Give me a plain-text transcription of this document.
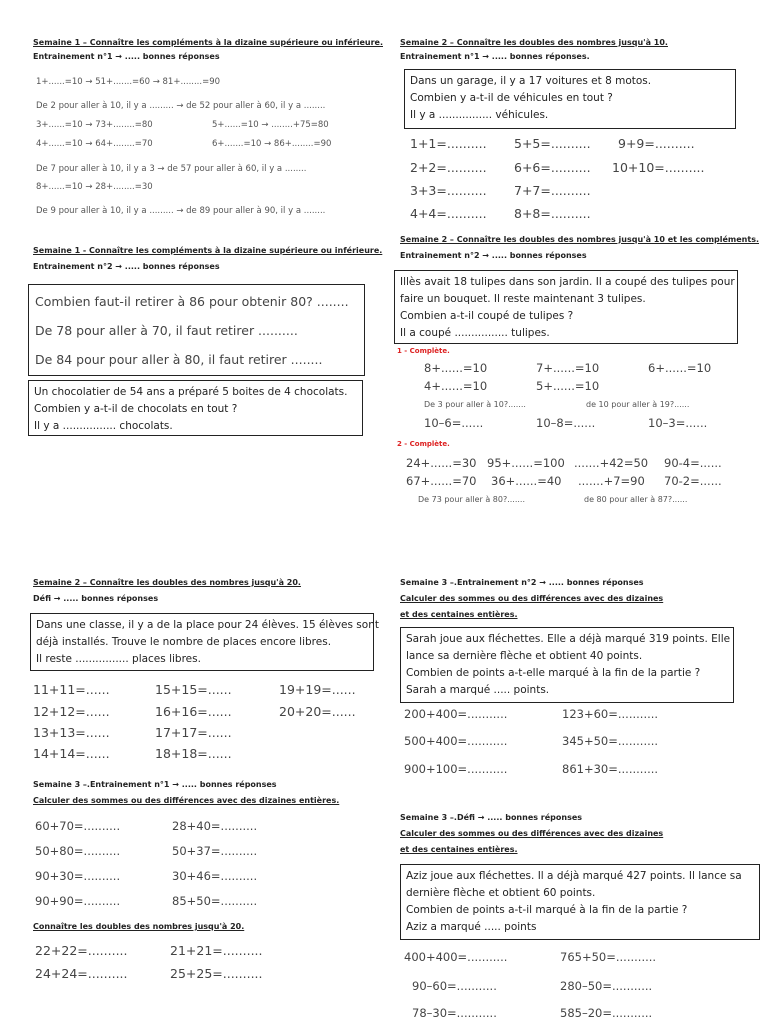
Semaine 1 – Connaître les compléments à la dizaine supérieure ou inférieure.
Entrainement n°1 → ..... bonnes réponses
1+......=10 → 51+.......=60 → 81+........=90
De 2 pour aller à 10, il y a ......... → de 52 pour aller à 60, il y a ........
3+......=10 → 73+........=80	5+......=10 → ........+75=80
4+......=10 → 64+........=70	6+.......=10 → 86+........=90
De 7 pour aller à 10, il y a 3 → de 57 pour aller à 60, il y a ........
8+......=10 → 28+........=30
De 9 pour aller à 10, il y a ......... → de 89 pour aller à 90, il y a ........
Semaine 1 - Connaître les compléments à la dizaine supérieure ou inférieure.
Entrainement n°2 → ..... bonnes réponses
Combien faut-il retirer à 86 pour obtenir 80? ........
De 78 pour aller à 70, il faut retirer ..........
De 84 pour pour aller à 80, il faut retirer ........
Un chocolatier de 54 ans a préparé 5 boites de 4 chocolats.
Combien y a-t-il de chocolats en tout ?
Il y a ................ chocolats.
Semaine 2 – Connaître les doubles des nombres jusqu'à 10.
Entrainement n°1 → ..... bonnes réponses.
Dans un garage, il y a 17 voitures et 8 motos.
Combien y a-t-il de véhicules en tout ?
Il y a ................ véhicules.
1+1=.......... 5+5=.......... 9+9=..........
2+2=.......... 6+6=.......... 10+10=..........
3+3=.......... 7+7=..........
4+4=.......... 8+8=..........
Semaine 2 – Connaître les doubles des nombres jusqu'à 10 et les compléments.
Entrainement n°2 → ..... bonnes réponses
Illès avait 18 tulipes dans son jardin. Il a coupé des tulipes pour
faire un bouquet. Il reste maintenant 3 tulipes.
Combien a-t-il coupé de tulipes ?
Il a coupé ................ tulipes.
1 - Complète.
8+......=10	7+......=10	6+......=10
4+......=10	5+......=10
De 3 pour aller à 10?.......	de 10 pour aller à 19?......
10–6=......	10–8=......	10–3=......
2 - Complète.
24+......=30 95+......=100 .......+42=50 90-4=......
67+......=70 36+......=40 .......+7=90 70-2=......
De 73 pour aller à 80?.......	de 80 pour aller à 87?......
Semaine 2 – Connaître les doubles des nombres jusqu'à 20.
Défi → ..... bonnes réponses
Dans une classe, il y a de la place pour 24 élèves. 15 élèves sont
déjà installés. Trouve le nombre de places encore libres.
Il reste ................ places libres.
11+11=......	15+15=......	19+19=......
12+12=......	16+16=......	20+20=......
13+13=......	17+17=......
14+14=......	18+18=......
Semaine 3 –.Entrainement n°1 → ..... bonnes réponses
Calculer des sommes ou des différences avec des dizaines entières.
60+70=..........	28+40=..........
50+80=..........	50+37=..........
90+30=..........	30+46=..........
90+90=..........	85+50=..........
Connaître les doubles des nombres jusqu'à 20.
22+22=..........	21+21=..........
24+24=..........	25+25=..........
Semaine 3 –.Entrainement n°2 → ..... bonnes réponses
Calculer des sommes ou des différences avec des dizaines
et des centaines entières.
Sarah joue aux fléchettes. Elle a déjà marqué 319 points. Elle
lance sa dernière flèche et obtient 40 points.
Combien de points a-t-elle marqué à la fin de la partie ?
Sarah a marqué ..... points.
200+400=...........	123+60=...........
500+400=...........	345+50=...........
900+100=...........	861+30=...........
Semaine 3 –.Défi → ..... bonnes réponses
Calculer des sommes ou des différences avec des dizaines
et des centaines entières.
Aziz joue aux fléchettes. Il a déjà marqué 427 points. Il lance sa
dernière flèche et obtient 60 points.
Combien de points a-t-il marqué à la fin de la partie ?
Aziz a marqué ..... points
400+400=...........	765+50=...........
90–60=...........	280–50=...........
78–30=...........	585–20=...........
